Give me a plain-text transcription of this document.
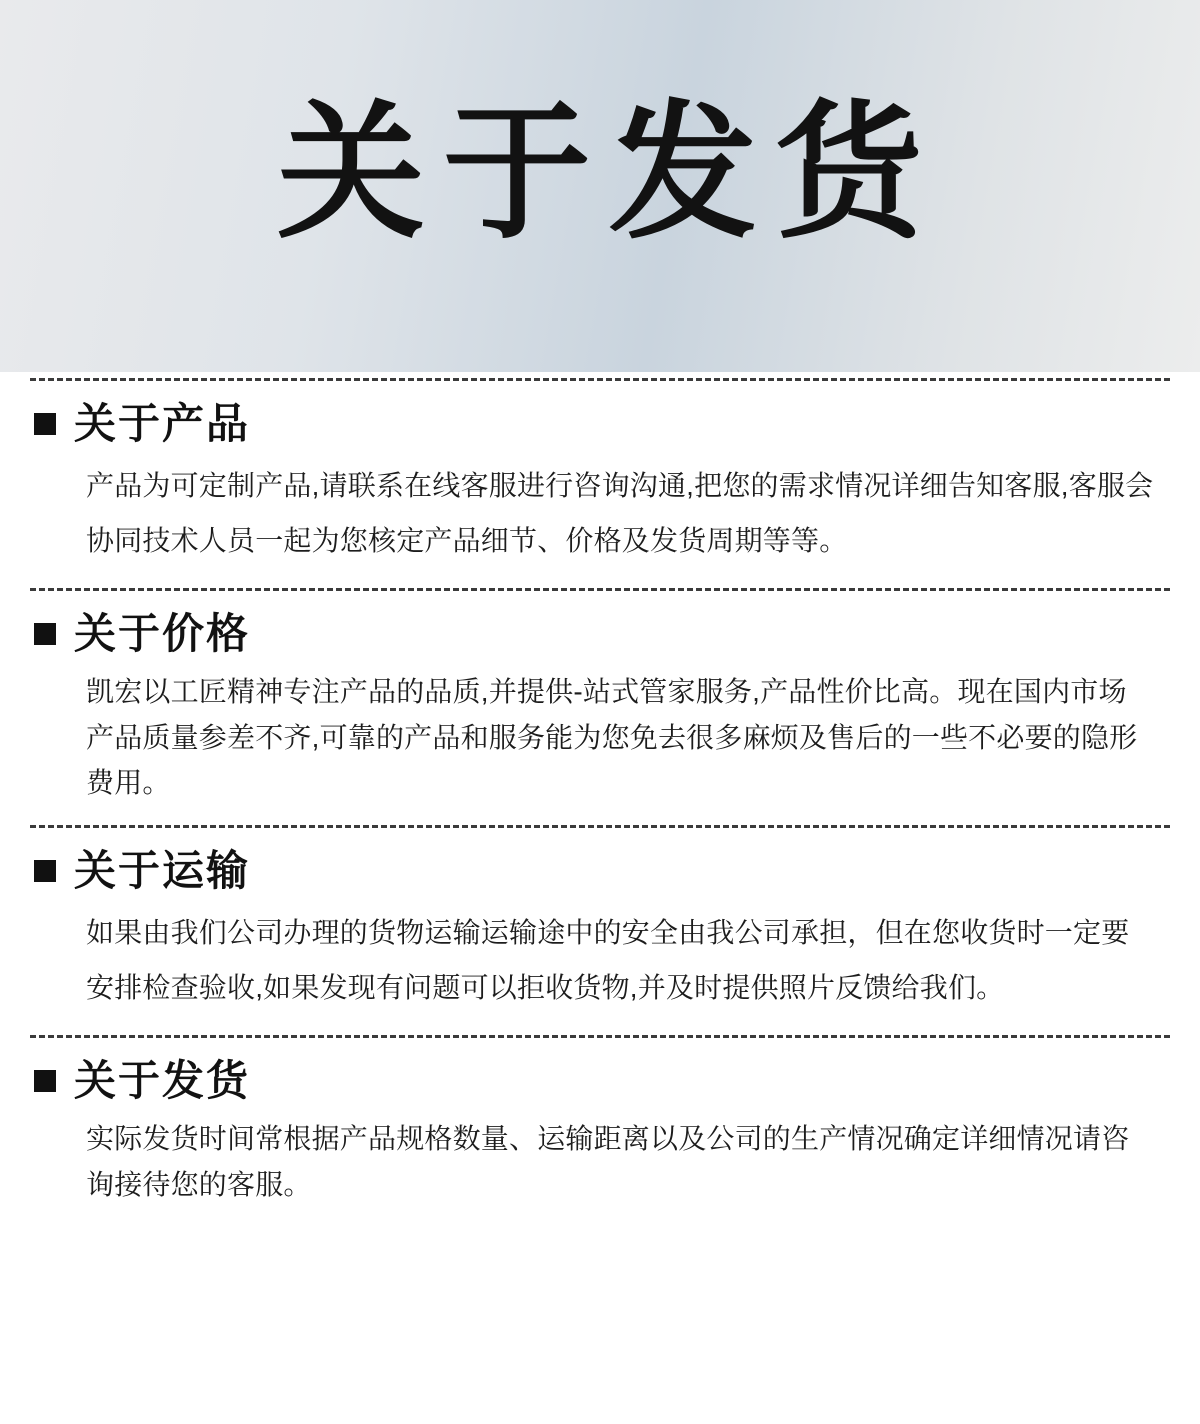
关于发货
关于产品
产品为可定制产品,请联系在线客服进行咨询沟通,把您的需求情况详细告知客服,客服会协同技术人员一起为您核定产品细节、价格及发货周期等等。
关于价格
凯宏以工匠精神专注产品的品质,并提供-站式管家服务,产品性价比高。现在国内市场产品质量参差不齐,可靠的产品和服务能为您免去很多麻烦及售后的一些不必要的隐形费用。
关于运输
如果由我们公司办理的货物运输运输途中的安全由我公司承担，但在您收货时一定要安排检查验收,如果发现有问题可以拒收货物,并及时提供照片反馈给我们。
关于发货
实际发货时间常根据产品规格数量、运输距离以及公司的生产情况确定详细情况请咨询接待您的客服。
